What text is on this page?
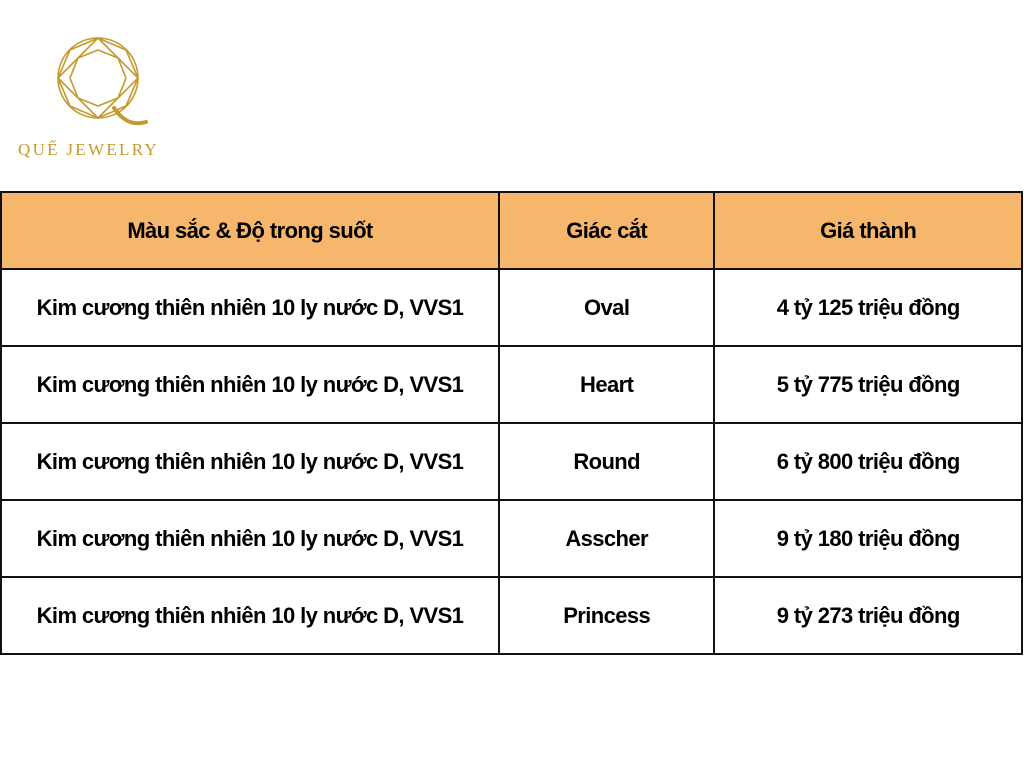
QUẾ JEWELRY
Màu sắc & Độ trong suốt	Giác cắt	Giá thành
Kim cương thiên nhiên 10 ly nước D, VVS1	Oval	4 tỷ 125 triệu đồng
Kim cương thiên nhiên 10 ly nước D, VVS1	Heart	5 tỷ 775 triệu đồng
Kim cương thiên nhiên 10 ly nước D, VVS1	Round	6 tỷ 800 triệu đồng
Kim cương thiên nhiên 10 ly nước D, VVS1	Asscher	9 tỷ 180 triệu đồng
Kim cương thiên nhiên 10 ly nước D, VVS1	Princess	9 tỷ 273 triệu đồng
